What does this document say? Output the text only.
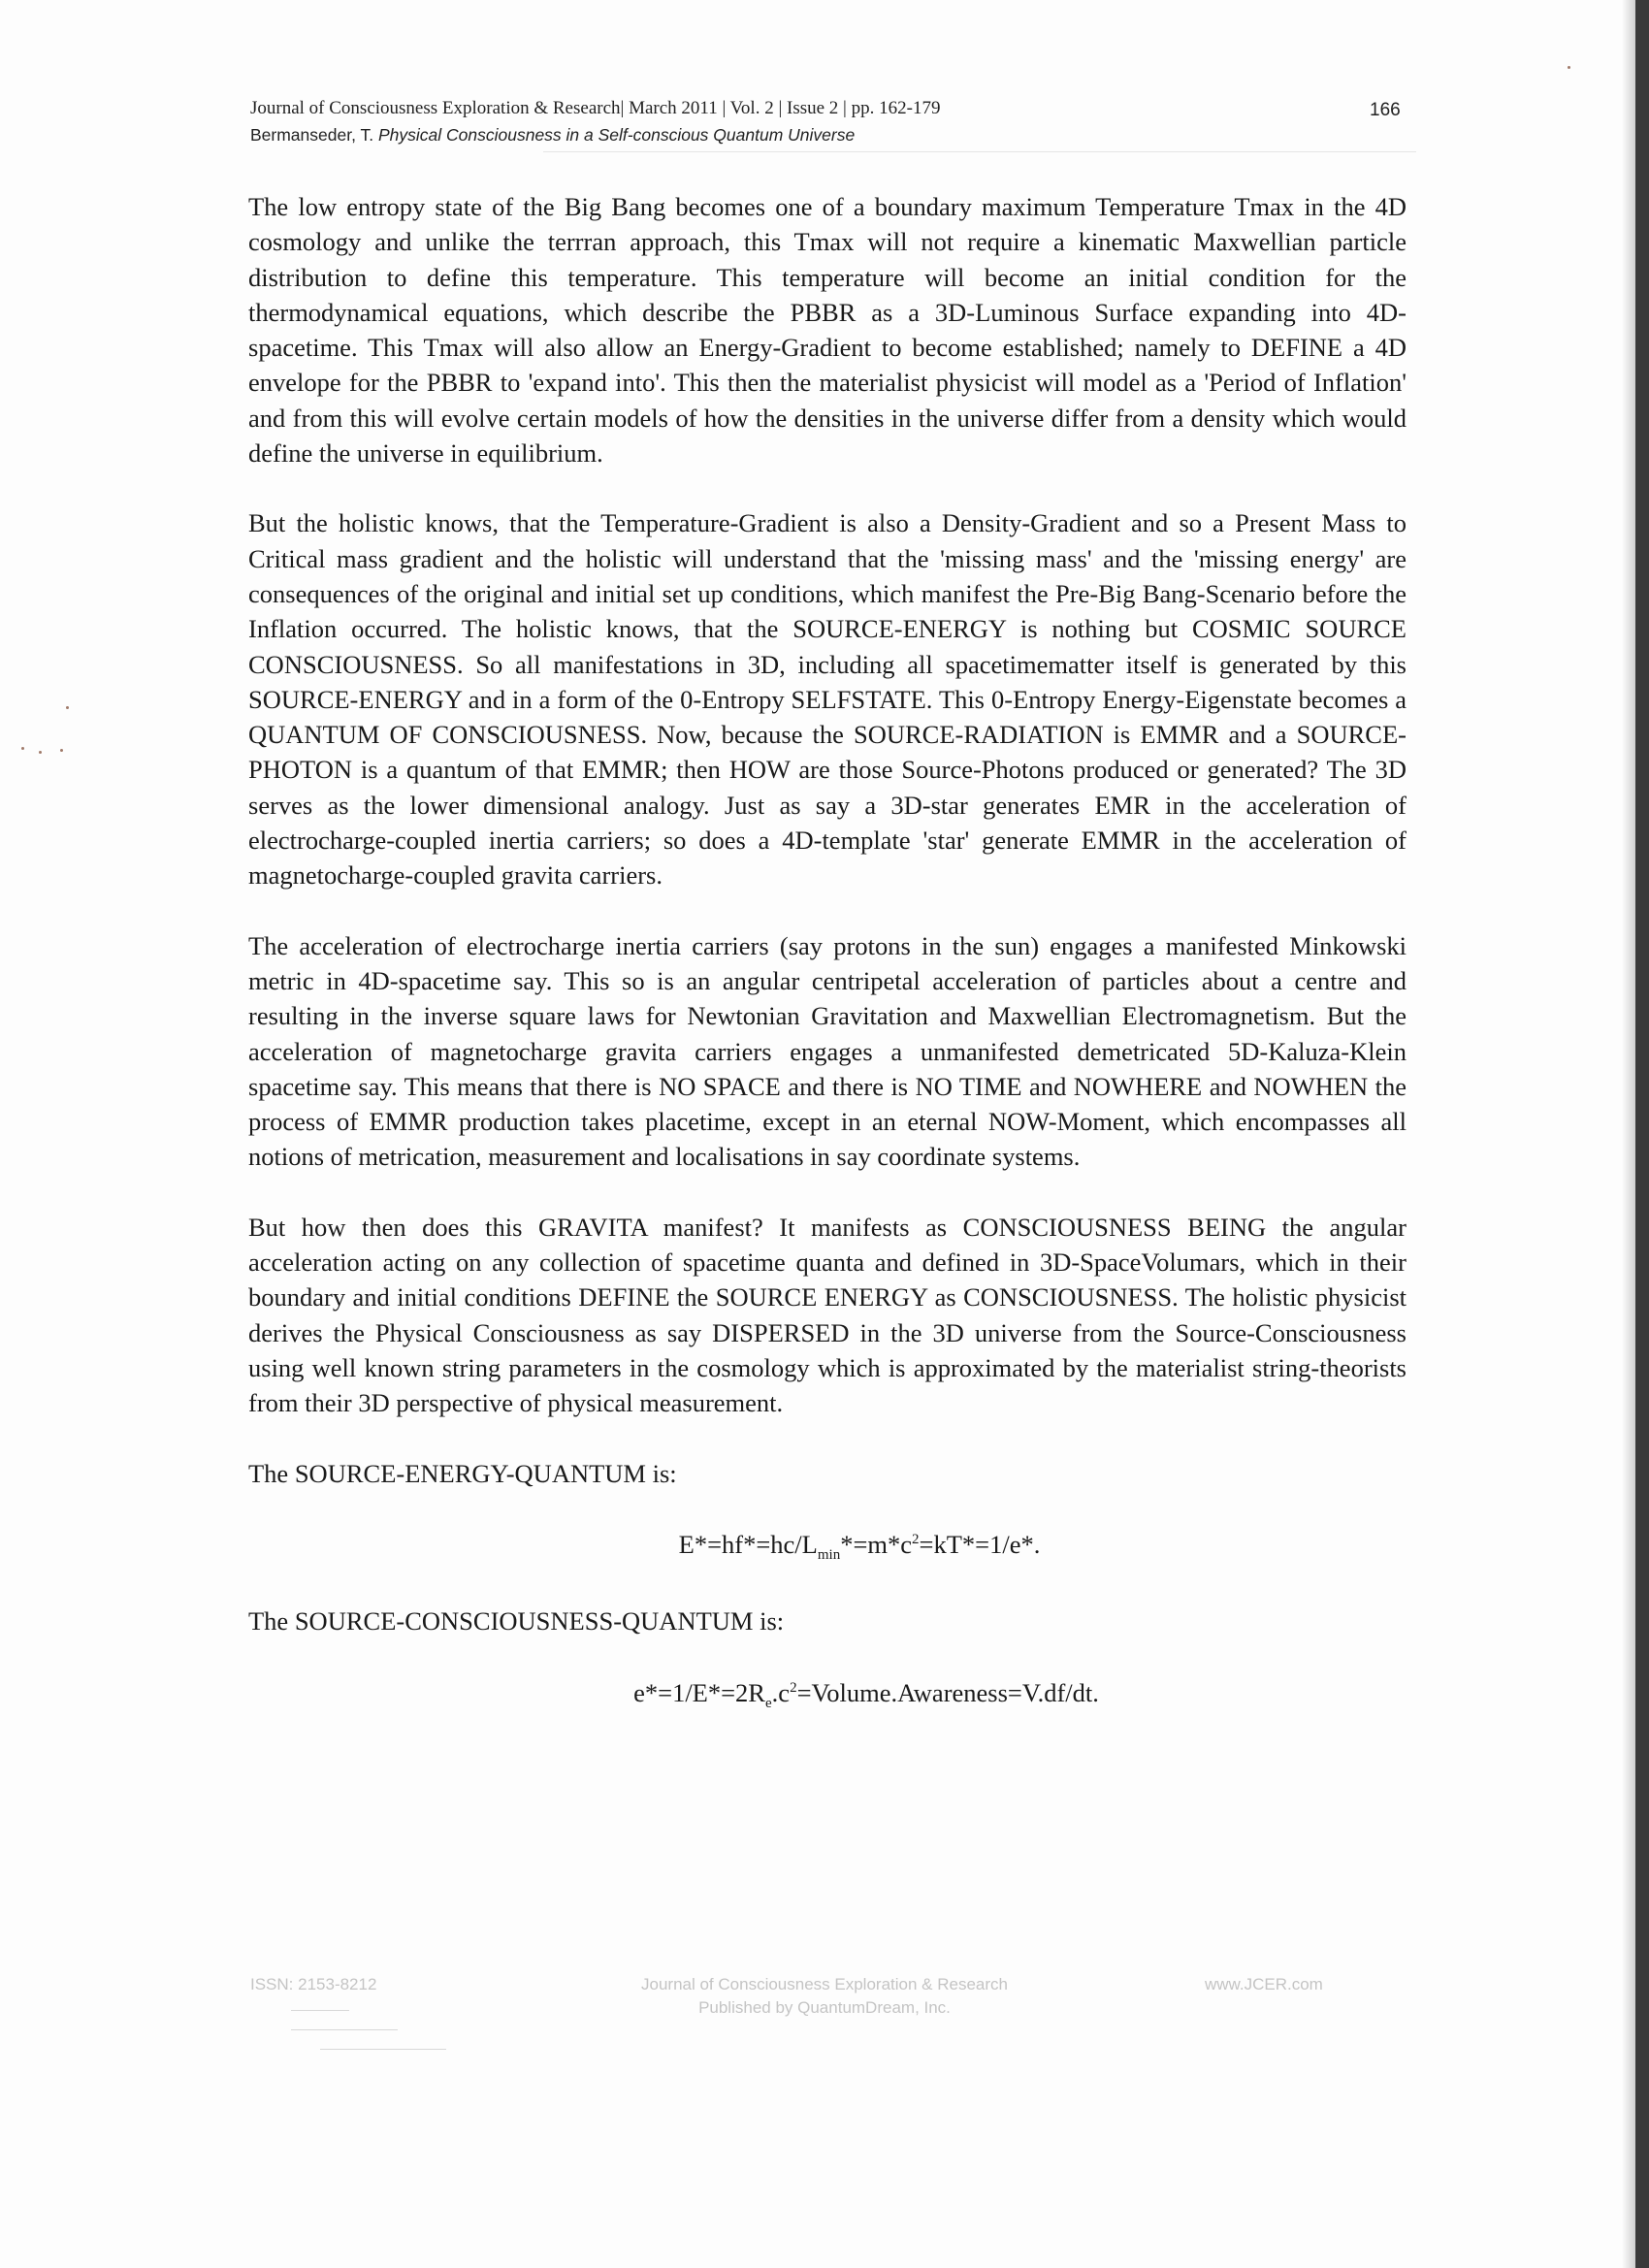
Journal of Consciousness Exploration & Research| March 2011 | Vol. 2 | Issue 2 | pp. 162-179
Bermanseder, T. Physical Consciousness in a Self-conscious Quantum Universe
166

The low entropy state of the Big Bang becomes one of a boundary maximum Temperature Tmax in the 4D cosmology and unlike the terrran approach, this Tmax will not require a kinematic Maxwellian particle distribution to define this temperature. This temperature will become an initial condition for the thermodynamical equations, which describe the PBBR as a 3D-Luminous Surface expanding into 4D-spacetime. This Tmax will also allow an Energy-Gradient to become established; namely to DEFINE a 4D envelope for the PBBR to 'expand into'. This then the materialist physicist will model as a 'Period of Inflation' and from this will evolve certain models of how the densities in the universe differ from a density which would define the universe in equilibrium.

But the holistic knows, that the Temperature-Gradient is also a Density-Gradient and so a Present Mass to Critical mass gradient and the holistic will understand that the 'missing mass' and the 'missing energy' are consequences of the original and initial set up conditions, which manifest the Pre-Big Bang-Scenario before the Inflation occurred. The holistic knows, that the SOURCE-ENERGY is nothing but COSMIC SOURCE CONSCIOUSNESS. So all manifestations in 3D, including all spacetimematter itself is generated by this SOURCE-ENERGY and in a form of the 0-Entropy SELFSTATE. This 0-Entropy Energy-Eigenstate becomes a QUANTUM OF CONSCIOUSNESS. Now, because the SOURCE-RADIATION is EMMR and a SOURCE-PHOTON is a quantum of that EMMR; then HOW are those Source-Photons produced or generated? The 3D serves as the lower dimensional analogy. Just as say a 3D-star generates EMR in the acceleration of electrocharge-coupled inertia carriers; so does a 4D-template 'star' generate EMMR in the acceleration of magnetocharge-coupled gravita carriers.

The acceleration of electrocharge inertia carriers (say protons in the sun) engages a manifested Minkowski metric in 4D-spacetime say. This so is an angular centripetal acceleration of particles about a centre and resulting in the inverse square laws for Newtonian Gravitation and Maxwellian Electromagnetism. But the acceleration of magnetocharge gravita carriers engages a unmanifested demetricated 5D-Kaluza-Klein spacetime say. This means that there is NO SPACE and there is NO TIME and NOWHERE and NOWHEN the process of EMMR production takes placetime, except in an eternal NOW-Moment, which encompasses all notions of metrication, measurement and localisations in say coordinate systems.

But how then does this GRAVITA manifest? It manifests as CONSCIOUSNESS BEING the angular acceleration acting on any collection of spacetime quanta and defined in 3D-SpaceVolumars, which in their boundary and initial conditions DEFINE the SOURCE ENERGY as CONSCIOUSNESS. The holistic physicist derives the Physical Consciousness as say DISPERSED in the 3D universe from the Source-Consciousness using well known string parameters in the cosmology which is approximated by the materialist string-theorists from their 3D perspective of physical measurement.

The SOURCE-ENERGY-QUANTUM is:

$E*=hf*=hc/L_{min}*=m*c^2=kT*=1/e*$.

The SOURCE-CONSCIOUSNESS-QUANTUM is:

$e*=1/E*=2R_e.c^2=Volume.Awareness=V.df/dt$.

ISSN: 2153-8212	Journal of Consciousness Exploration & Research
Published by QuantumDream, Inc.
www.JCER.com
